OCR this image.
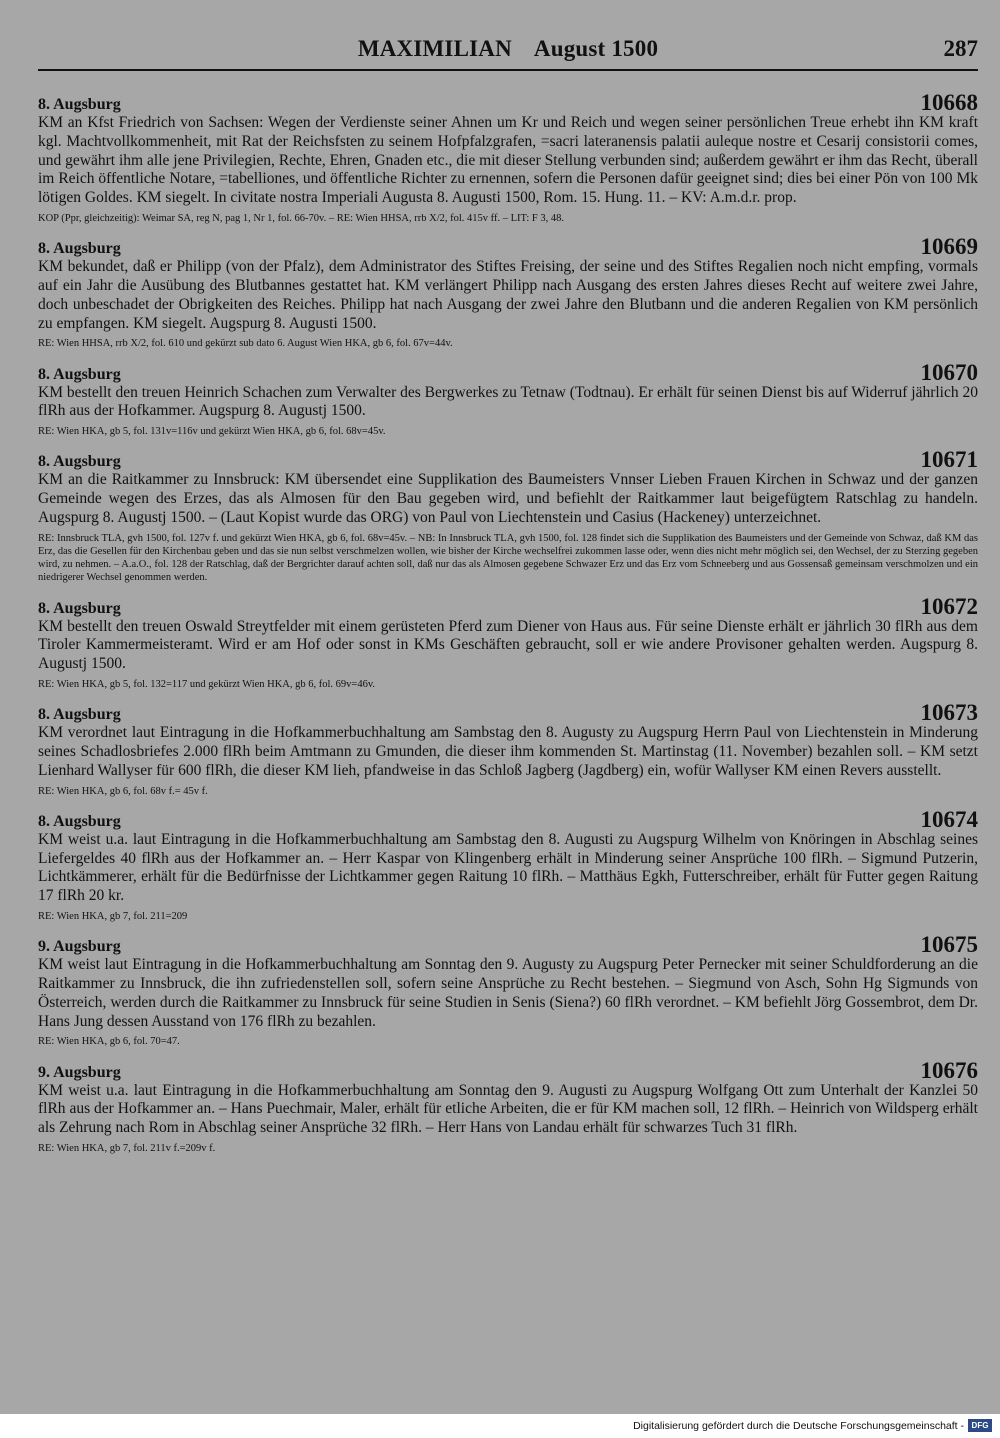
MAXIMILIAN August 1500	287
8. Augsburg	10668

KM an Kfst Friedrich von Sachsen: Wegen der Verdienste seiner Ahnen um Kr und Reich und wegen seiner persönlichen Treue erhebt ihn KM kraft kgl. Machtvollkommenheit, mit Rat der Reichsfsten zu seinem Hofpfalzgrafen, =sacri lateranensis palatii auleque nostre et Cesarij consistorii comes, und gewährt ihm alle jene Privilegien, Rechte, Ehren, Gnaden etc., die mit dieser Stellung verbunden sind; außerdem gewährt er ihm das Recht, überall im Reich öffentliche Notare, =tabelliones, und öffentliche Richter zu ernennen, sofern die Personen dafür geeignet sind; dies bei einer Pön von 100 Mk lötigen Goldes. KM siegelt. In civitate nostra Imperiali Augusta 8. Augusti 1500, Rom. 15. Hung. 11. – KV: A.m.d.r. prop.

KOP (Ppr, gleichzeitig): Weimar SA, reg N, pag 1, Nr 1, fol. 66-70v. – RE: Wien HHSA, rrb X/2, fol. 415v ff. – LIT: F 3, 48.

8. Augsburg	10669

KM bekundet, daß er Philipp (von der Pfalz), dem Administrator des Stiftes Freising, der seine und des Stiftes Regalien noch nicht empfing, vormals auf ein Jahr die Ausübung des Blutbannes gestattet hat. KM verlängert Philipp nach Ausgang des ersten Jahres dieses Recht auf weitere zwei Jahre, doch unbeschadet der Obrigkeiten des Reiches. Philipp hat nach Ausgang der zwei Jahre den Blutbann und die anderen Regalien von KM persönlich zu empfangen. KM siegelt. Augspurg 8. Augusti 1500.

RE: Wien HHSA, rrb X/2, fol. 610 und gekürzt sub dato 6. August Wien HKA, gb 6, fol. 67v=44v.

8. Augsburg	10670

KM bestellt den treuen Heinrich Schachen zum Verwalter des Bergwerkes zu Tetnaw (Todtnau). Er erhält für seinen Dienst bis auf Widerruf jährlich 20 flRh aus der Hofkammer. Augspurg 8. Augustj 1500.

RE: Wien HKA, gb 5, fol. 131v=116v und gekürzt Wien HKA, gb 6, fol. 68v=45v.

8. Augsburg	10671

KM an die Raitkammer zu Innsbruck: KM übersendet eine Supplikation des Baumeisters Vnnser Lieben Frauen Kirchen in Schwaz und der ganzen Gemeinde wegen des Erzes, das als Almosen für den Bau gegeben wird, und befiehlt der Raitkammer laut beigefügtem Ratschlag zu handeln. Augspurg 8. Augustj 1500. – (Laut Kopist wurde das ORG) von Paul von Liechtenstein und Casius (Hackeney) unterzeichnet.

RE: Innsbruck TLA, gvh 1500, fol. 127v f. und gekürzt Wien HKA, gb 6, fol. 68v=45v. – NB: In Innsbruck TLA, gvh 1500, fol. 128 findet sich die Supplikation des Baumeisters und der Gemeinde von Schwaz, daß KM das Erz, das die Gesellen für den Kirchenbau geben und das sie nun selbst verschmelzen wollen, wie bisher der Kirche wechselfrei zukommen lasse oder, wenn dies nicht mehr möglich sei, den Wechsel, der zu Sterzing gegeben wird, zu nehmen. – A.a.O., fol. 128 der Ratschlag, daß der Bergrichter darauf achten soll, daß nur das als Almosen gegebene Schwazer Erz und das Erz vom Schneeberg und aus Gossensaß gemeinsam verschmolzen und ein niedrigerer Wechsel genommen werden.

8. Augsburg	10672

KM bestellt den treuen Oswald Streytfelder mit einem gerüsteten Pferd zum Diener von Haus aus. Für seine Dienste erhält er jährlich 30 flRh aus dem Tiroler Kammermeisteramt. Wird er am Hof oder sonst in KMs Geschäften gebraucht, soll er wie andere Provisoner gehalten werden. Augspurg 8. Augustj 1500.

RE: Wien HKA, gb 5, fol. 132=117 und gekürzt Wien HKA, gb 6, fol. 69v=46v.

8. Augsburg	10673

KM verordnet laut Eintragung in die Hofkammerbuchhaltung am Sambstag den 8. Augusty zu Augspurg Herrn Paul von Liechtenstein in Minderung seines Schadlosbriefes 2.000 flRh beim Amtmann zu Gmunden, die dieser ihm kommenden St. Martinstag (11. November) bezahlen soll. – KM setzt Lienhard Wallyser für 600 flRh, die dieser KM lieh, pfandweise in das Schloß Jagberg (Jagdberg) ein, wofür Wallyser KM einen Revers ausstellt.

RE: Wien HKA, gb 6, fol. 68v f.= 45v f.

8. Augsburg	10674

KM weist u.a. laut Eintragung in die Hofkammerbuchhaltung am Sambstag den 8. Augusti zu Augspurg Wilhelm von Knöringen in Abschlag seines Liefergeldes 40 flRh aus der Hofkammer an. – Herr Kaspar von Klingenberg erhält in Minderung seiner Ansprüche 100 flRh. – Sigmund Putzerin, Lichtkämmerer, erhält für die Bedürfnisse der Lichtkammer gegen Raitung 10 flRh. – Matthäus Egkh, Futterschreiber, erhält für Futter gegen Raitung 17 flRh 20 kr.

RE: Wien HKA, gb 7, fol. 211=209

9. Augsburg	10675

KM weist laut Eintragung in die Hofkammerbuchhaltung am Sonntag den 9. Augusty zu Augspurg Peter Pernecker mit seiner Schuldforderung an die Raitkammer zu Innsbruck, die ihn zufriedenstellen soll, sofern seine Ansprüche zu Recht bestehen. – Siegmund von Asch, Sohn Hg Sigmunds von Österreich, werden durch die Raitkammer zu Innsbruck für seine Studien in Senis (Siena?) 60 flRh verordnet. – KM befiehlt Jörg Gossembrot, dem Dr. Hans Jung dessen Ausstand von 176 flRh zu bezahlen.

RE: Wien HKA, gb 6, fol. 70=47.

9. Augsburg	10676

KM weist u.a. laut Eintragung in die Hofkammerbuchhaltung am Sonntag den 9. Augusti zu Augspurg Wolfgang Ott zum Unterhalt der Kanzlei 50 flRh aus der Hofkammer an. – Hans Puechmair, Maler, erhält für etliche Arbeiten, die er für KM machen soll, 12 flRh. – Heinrich von Wildsperg erhält als Zehrung nach Rom in Abschlag seiner Ansprüche 32 flRh. – Herr Hans von Landau erhält für schwarzes Tuch 31 flRh.

RE: Wien HKA, gb 7, fol. 211v f.=209v f.

Digitalisierung gefördert durch die Deutsche Forschungsgemeinschaft - DFG
